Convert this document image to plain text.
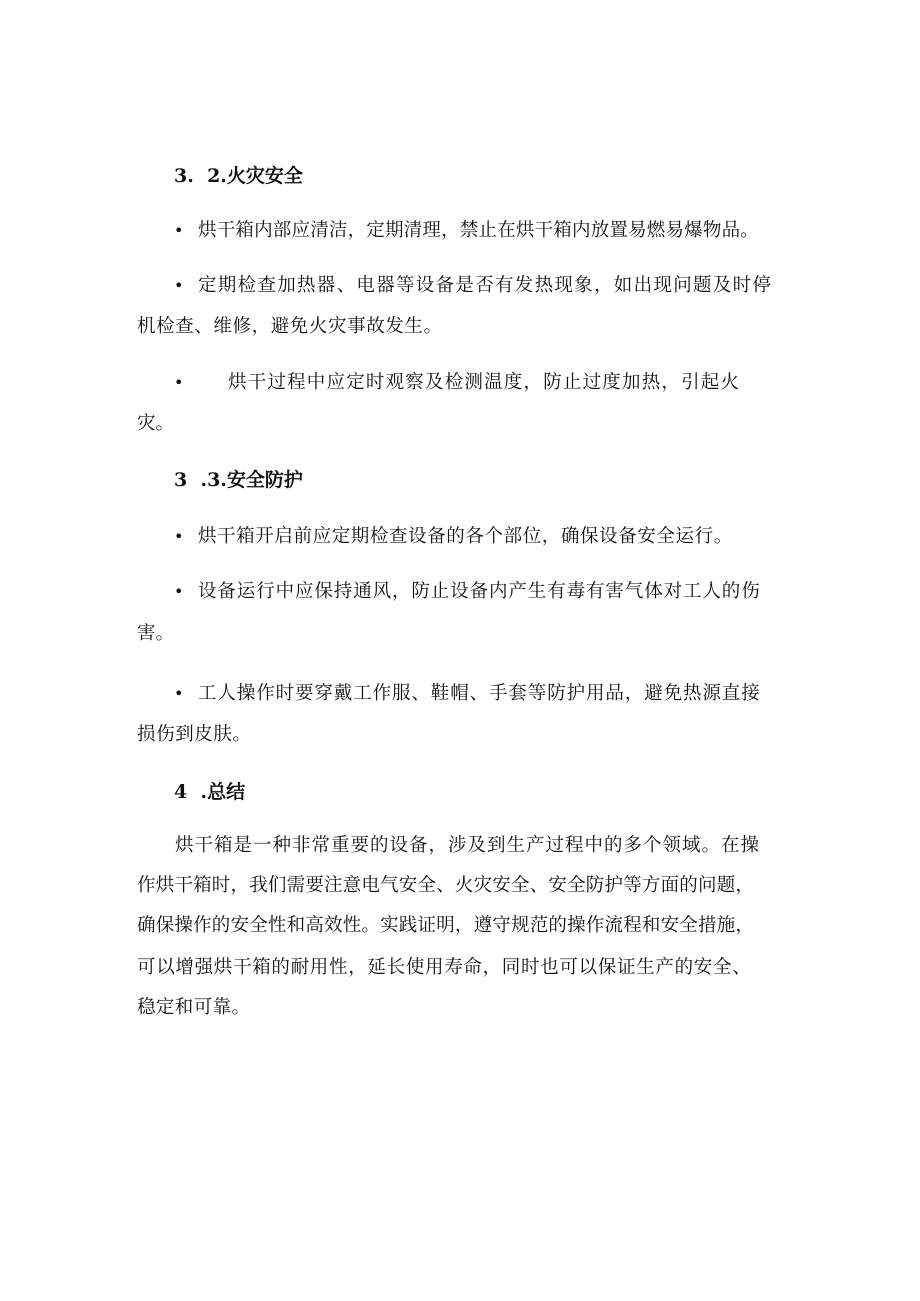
3.  2.火灾安全
• 烘干箱内部应清洁，定期清理，禁止在烘干箱内放置易燃易爆物品。
• 定期检查加热器、电器等设备是否有发热现象，如出现问题及时停
机检查、维修，避免火灾事故发生。
•	烘干过程中应定时观察及检测温度，防止过度加热，引起火
灾。
3  .3.安全防护
• 烘干箱开启前应定期检查设备的各个部位，确保设备安全运行。
• 设备运行中应保持通风，防止设备内产生有毒有害气体对工人的伤
害。
• 工人操作时要穿戴工作服、鞋帽、手套等防护用品，避免热源直接
损伤到皮肤。
4  .总结
烘干箱是一种非常重要的设备，涉及到生产过程中的多个领域。在操
作烘干箱时，我们需要注意电气安全、火灾安全、安全防护等方面的问题，
确保操作的安全性和高效性。实践证明，遵守规范的操作流程和安全措施，
可以增强烘干箱的耐用性，延长使用寿命，同时也可以保证生产的安全、
稳定和可靠。
